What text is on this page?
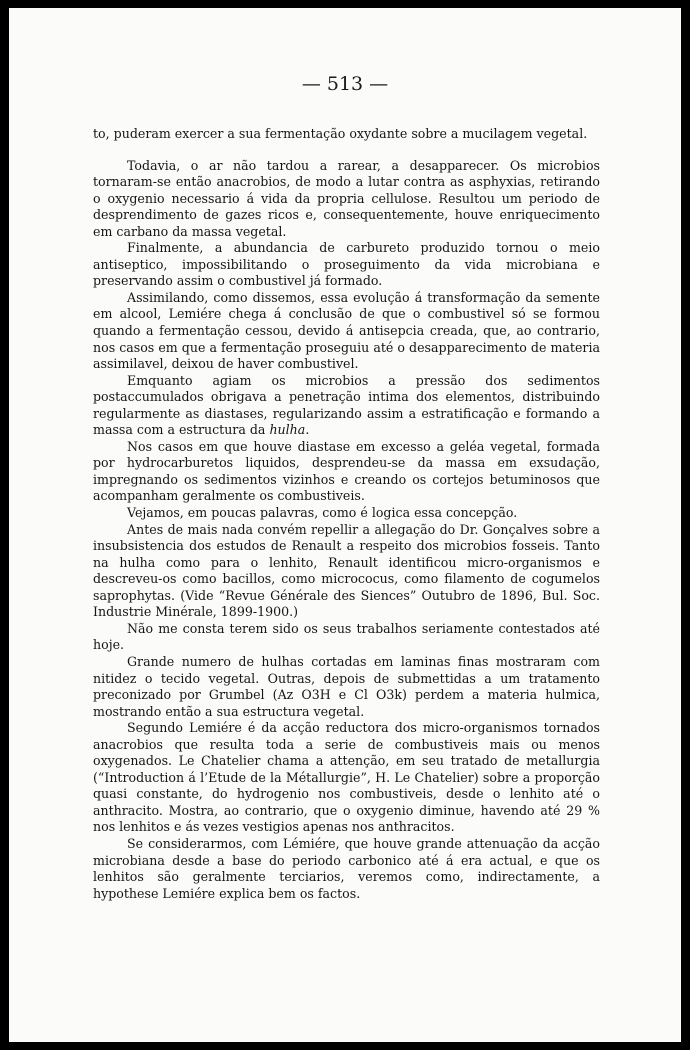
— 513 —

to, puderam exercer a sua fermentação oxydante sobre a mucilagem vegetal.

Todavia, o ar não tardou a rarear, a desapparecer. Os microbios tornaram-se então anacrobios, de modo a lutar contra as asphyxias, retirando o oxygenio necessario á vida da propria cellulose. Resultou um periodo de desprendimento de gazes ricos e, consequentemente, houve enriquecimento em carbano da massa vegetal.

Finalmente, a abundancia de carbureto produzido tornou o meio antiseptico, impossibilitando o proseguimento da vida microbiana e preservando assim o combustivel já formado.

Assimilando, como dissemos, essa evolução á transformação da semente em alcool, Lemiére chega á conclusão de que o combustivel só se formou quando a fermentação cessou, devido á antisepcia creada, que, ao contrario, nos casos em que a fermentação proseguiu até o desapparecimento de materia assimilavel, deixou de haver combustivel.

Emquanto agiam os microbios a pressão dos sedimentos postaccumulados obrigava a penetração intima dos elementos, distribuindo regularmente as diastases, regularizando assim a estratificação e formando a massa com a estructura da hulha.

Nos casos em que houve diastase em excesso a geléa vegetal, formada por hydrocarburetos liquidos, desprendeu-se da massa em exsudação, impregnando os sedimentos vizinhos e creando os cortejos betuminosos que acompanham geralmente os combustiveis.

Vejamos, em poucas palavras, como é logica essa concepção.

Antes de mais nada convém repellir a allegação do Dr. Gonçalves sobre a insubsistencia dos estudos de Renault a respeito dos microbios fosseis. Tanto na hulha como para o lenhito, Renault identificou micro-organismos e descreveu-os como bacillos, como micrococus, como filamento de cogumelos saprophytas. (Vide “Revue Générale des Siences” Outubro de 1896, Bul. Soc. Industrie Minérale, 1899-1900.)

Não me consta terem sido os seus trabalhos seriamente contestados até hoje.

Grande numero de hulhas cortadas em laminas finas mostraram com nitidez o tecido vegetal. Outras, depois de submettidas a um tratamento preconizado por Grumbel (Az O3H e Cl O3k) perdem a materia hulmica, mostrando então a sua estructura vegetal.

Segundo Lemiére é da acção reductora dos micro-organismos tornados anacrobios que resulta toda a serie de combustiveis mais ou menos oxygenados. Le Chatelier chama a attenção, em seu tratado de metallurgia (“Introduction á l’Etude de la Métallurgie”, H. Le Chatelier) sobre a proporção quasi constante, do hydrogenio nos combustiveis, desde o lenhito até o anthracito. Mostra, ao contrario, que o oxygenio diminue, havendo até 29 % nos lenhitos e ás vezes vestigios apenas nos anthracitos.

Se considerarmos, com Lémiére, que houve grande attenuação da acção microbiana desde a base do periodo carbonico até á era actual, e que os lenhitos são geralmente terciarios, veremos como, indirectamente, a hypothese Lemiére explica bem os factos.
